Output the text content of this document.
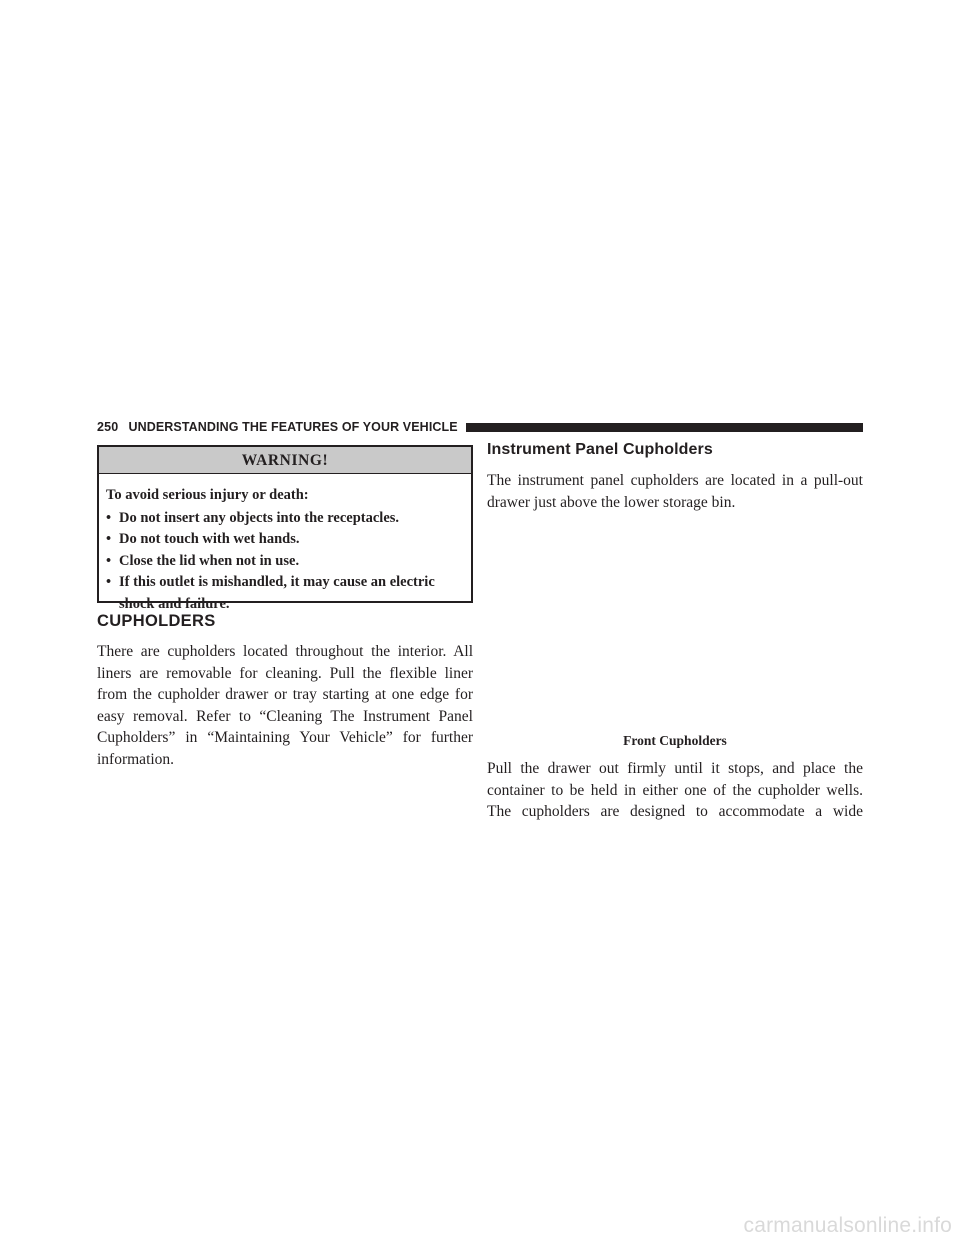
250 UNDERSTANDING THE FEATURES OF YOUR VEHICLE
WARNING!

To avoid serious injury or death:

• Do not insert any objects into the receptacles.
• Do not touch with wet hands.
• Close the lid when not in use.
• If this outlet is mishandled, it may cause an electric shock and failure.
CUPHOLDERS

There are cupholders located throughout the interior. All liners are removable for cleaning. Pull the flexible liner from the cupholder drawer or tray starting at one edge for easy removal. Refer to “Cleaning The Instrument Panel Cupholders” in “Maintaining Your Vehicle” for further information.

Instrument Panel Cupholders

The instrument panel cupholders are located in a pull-out drawer just above the lower storage bin.

Front Cupholders

Pull the drawer out firmly until it stops, and place the container to be held in either one of the cupholder wells. The cupholders are designed to accommodate a wide

carmanualsonline.info
